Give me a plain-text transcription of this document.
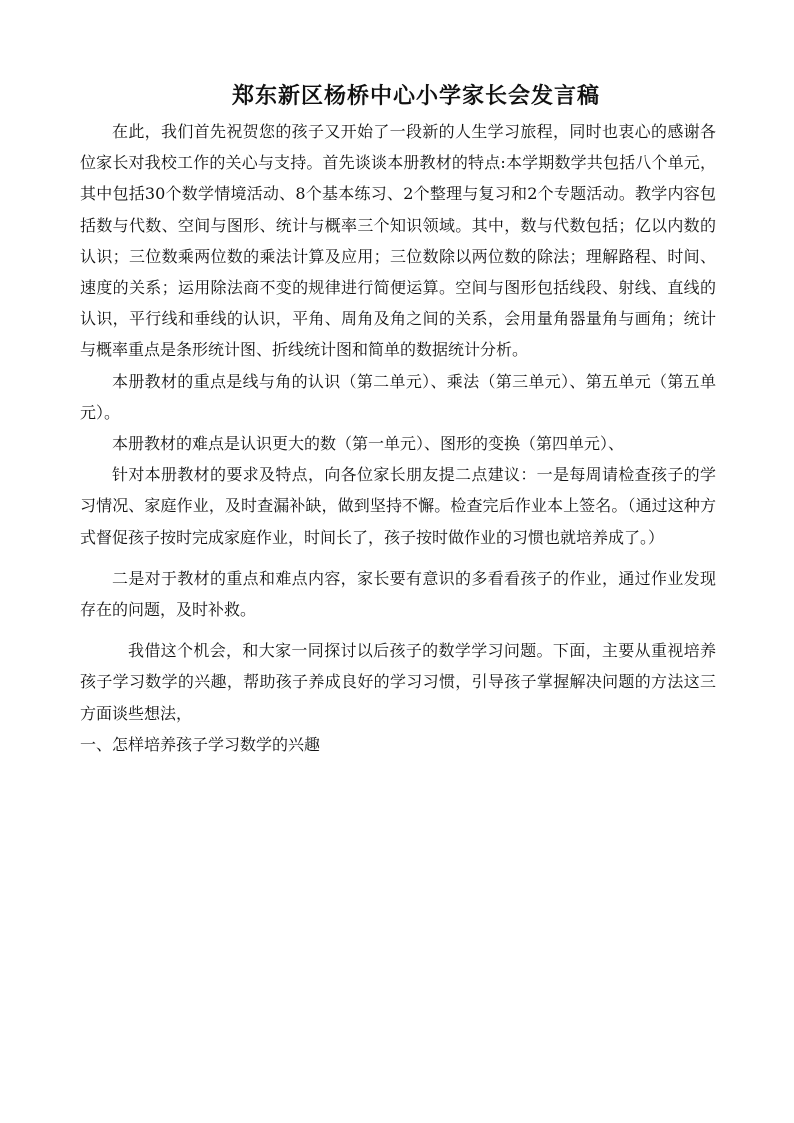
郑东新区杨桥中心小学家长会发言稿

在此，我们首先祝贺您的孩子又开始了一段新的人生学习旅程，同时也衷心的感谢各位家长对我校工作的关心与支持。首先谈谈本册教材的特点:本学期数学共包括八个单元，其中包括30个数学情境活动、8个基本练习、2个整理与复习和2个专题活动。教学内容包括数与代数、空间与图形、统计与概率三个知识领域。其中，数与代数包括；亿以内数的认识；三位数乘两位数的乘法计算及应用；三位数除以两位数的除法；理解路程、时间、速度的关系；运用除法商不变的规律进行简便运算。空间与图形包括线段、射线、直线的认识，平行线和垂线的认识，平角、周角及角之间的关系，会用量角器量角与画角；统计与概率重点是条形统计图、折线统计图和简单的数据统计分析。

本册教材的重点是线与角的认识（第二单元）、乘法（第三单元）、第五单元（第五单元）。

本册教材的难点是认识更大的数（第一单元）、图形的变换（第四单元）、

针对本册教材的要求及特点，向各位家长朋友提二点建议：一是每周请检查孩子的学习情况、家庭作业，及时查漏补缺，做到坚持不懈。检查完后作业本上签名。（通过这种方式督促孩子按时完成家庭作业，时间长了，孩子按时做作业的习惯也就培养成了。）

二是对于教材的重点和难点内容，家长要有意识的多看看孩子的作业，通过作业发现存在的问题，及时补救。

我借这个机会，和大家一同探讨以后孩子的数学学习问题。下面，主要从重视培养孩子学习数学的兴趣，帮助孩子养成良好的学习习惯，引导孩子掌握解决问题的方法这三方面谈些想法，

一、怎样培养孩子学习数学的兴趣
